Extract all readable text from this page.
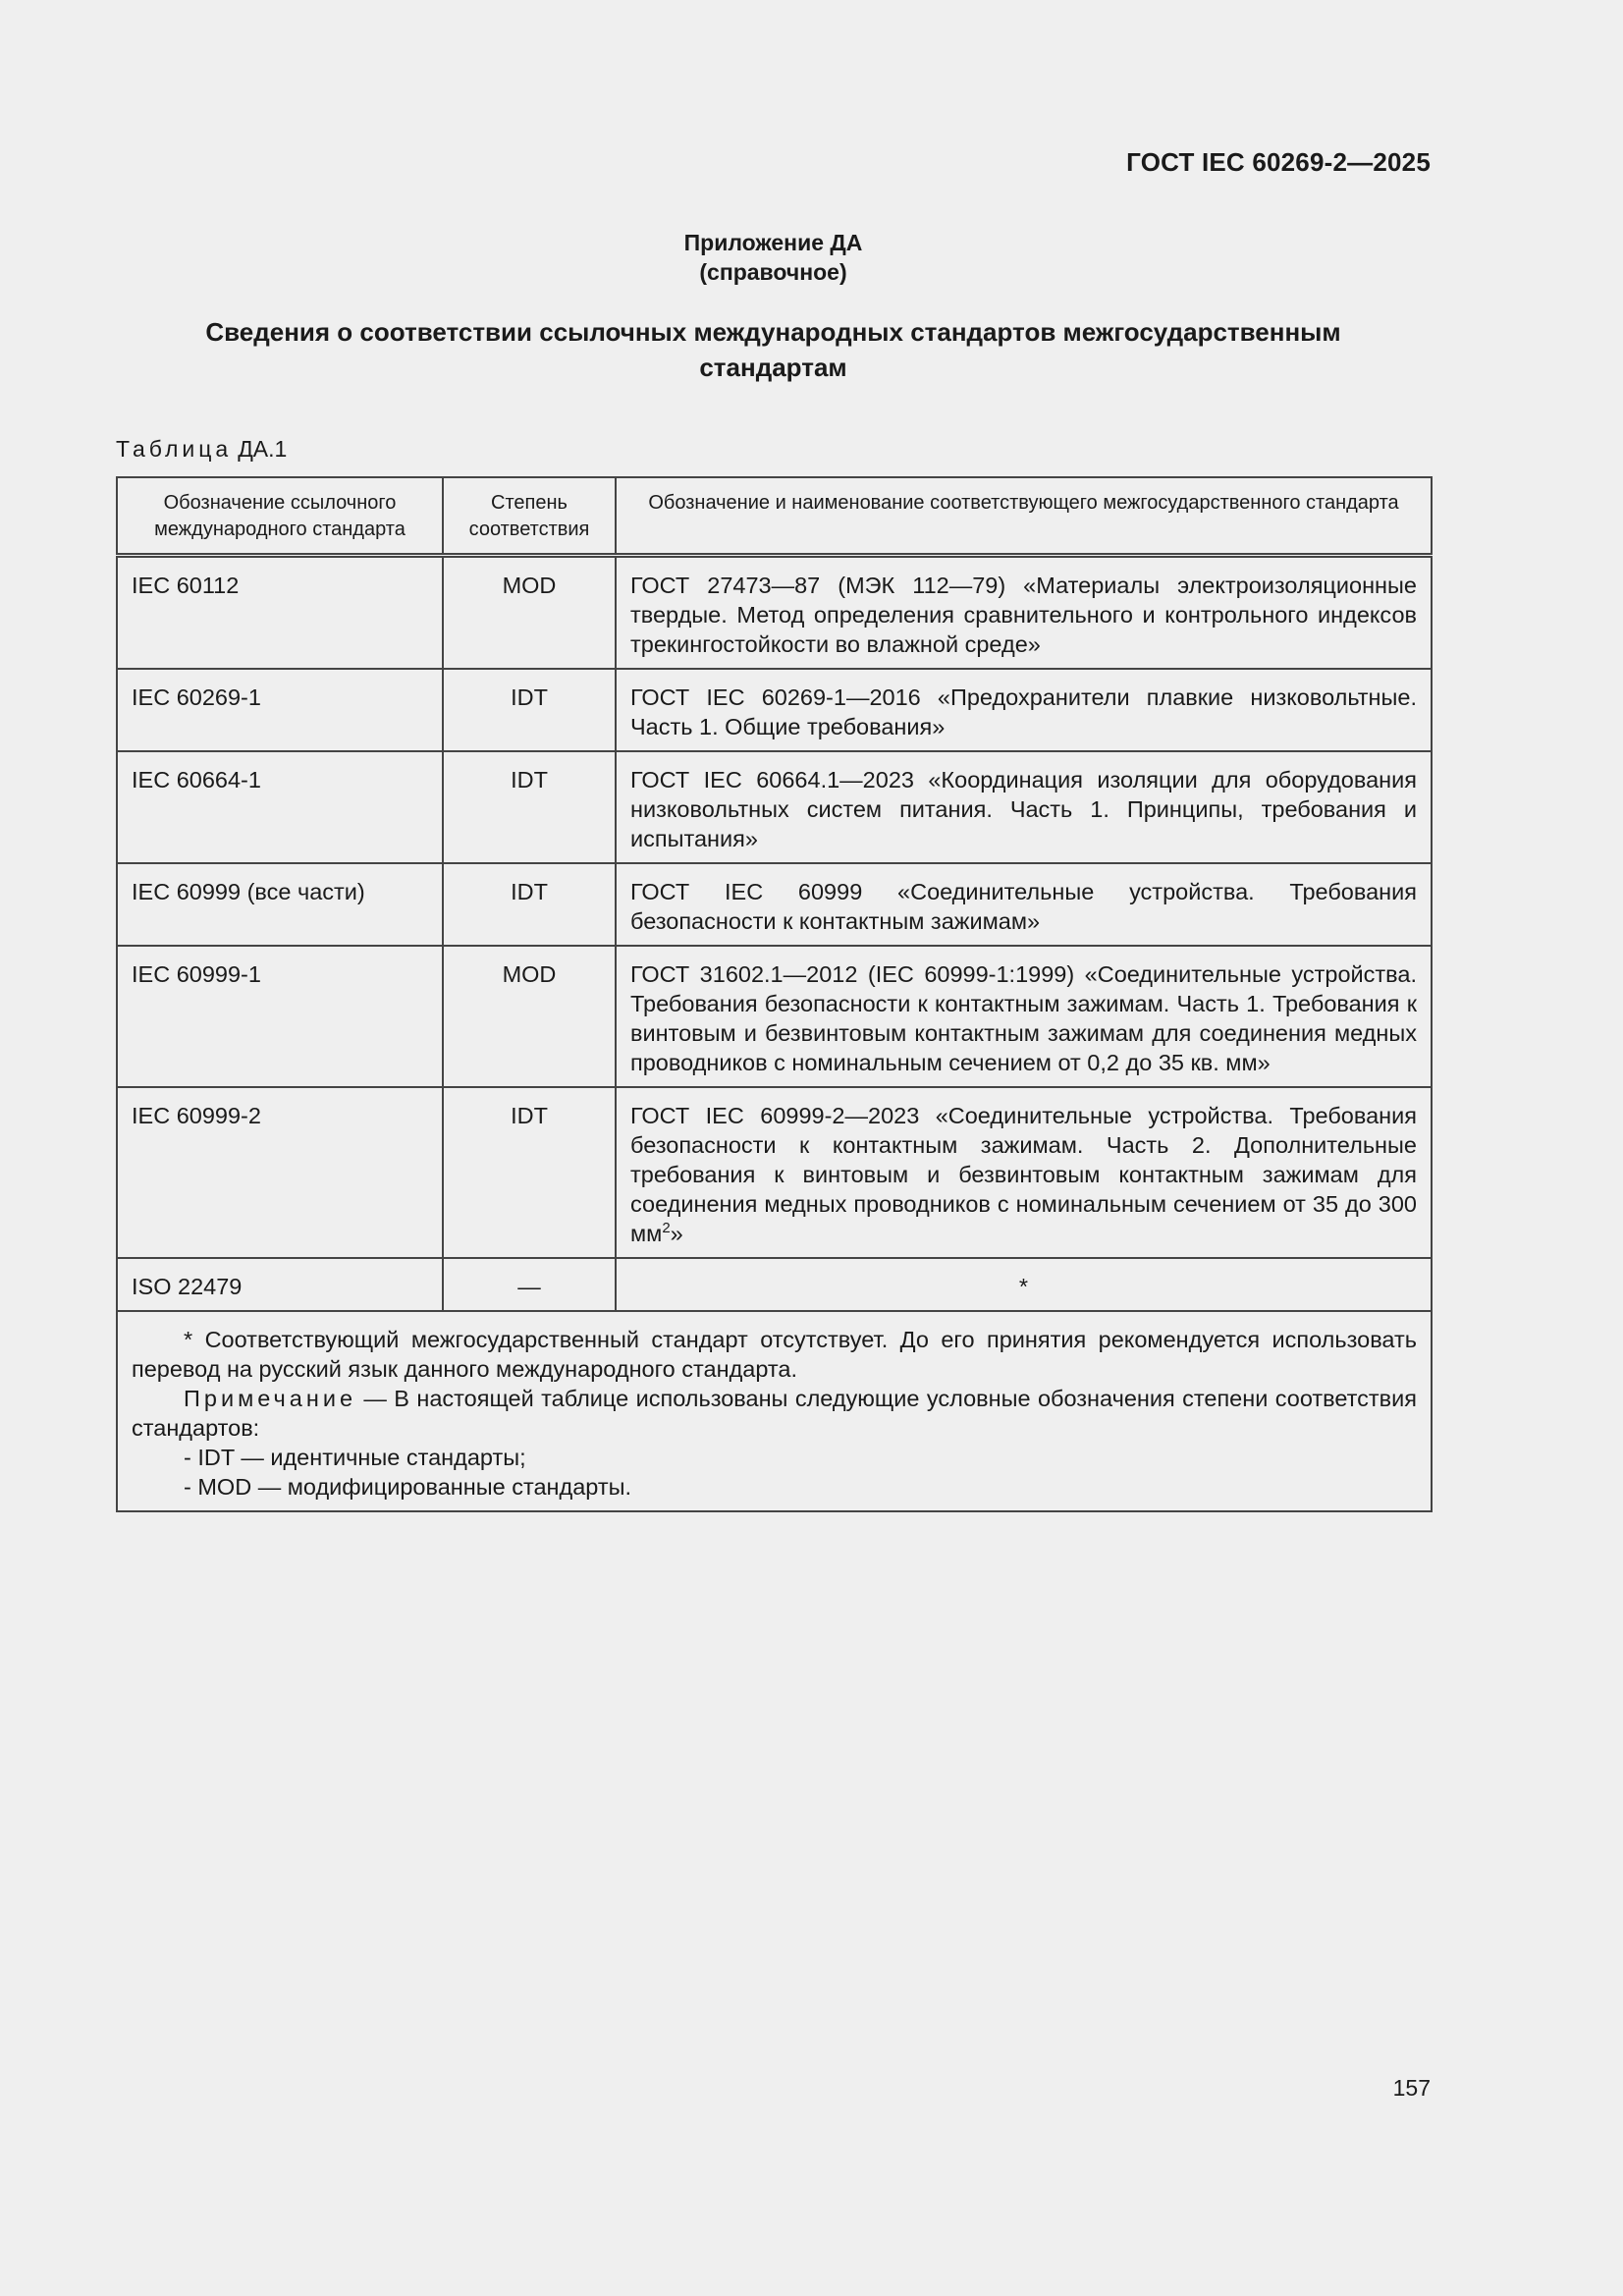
ГОСТ IEC 60269-2—2025
Приложение ДА
(справочное)
Сведения о соответствии ссылочных международных стандартов межгосударственным стандартам
Таблица ДА.1
Обозначение ссылочного международного стандарта	Степень соответствия	Обозначение и наименование соответствующего межгосударственного стандарта
IEC 60112	MOD	ГОСТ 27473—87 (МЭК 112—79) «Материалы электроизоляционные твердые. Метод определения сравнительного и контрольного индексов трекингостойкости во влажной среде»
IEC 60269-1	IDT	ГОСТ IEC 60269-1—2016 «Предохранители плавкие низковольтные. Часть 1. Общие требования»
IEC 60664-1	IDT	ГОСТ IEC 60664.1—2023 «Координация изоляции для оборудования низковольтных систем питания. Часть 1. Принципы, требования и испытания»
IEC 60999 (все части)	IDT	ГОСТ IEC 60999 «Соединительные устройства. Требования безопасности к контактным зажимам»
IEC 60999-1	MOD	ГОСТ 31602.1—2012 (IEC 60999-1:1999) «Соединительные устройства. Требования безопасности к контактным зажимам. Часть 1. Требования к винтовым и безвинтовым контактным зажимам для соединения медных проводников с номинальным сечением от 0,2 до 35 кв. мм»
IEC 60999-2	IDT	ГОСТ IEC 60999-2—2023 «Соединительные устройства. Требования безопасности к контактным зажимам. Часть 2. Дополнительные требования к винтовым и безвинтовым контактным зажимам для соединения медных проводников с номинальным сечением от 35 до 300 $мм^2$»
ISO 22479	—	*

* Соответствующий межгосударственный стандарт отсутствует. До его принятия рекомендуется использовать перевод на русский язык данного международного стандарта.

Примечание — В настоящей таблице использованы следующие условные обозначения степени соответствия стандартов:

- IDT — идентичные стандарты;

- MOD — модифицированные стандарты.		

157
